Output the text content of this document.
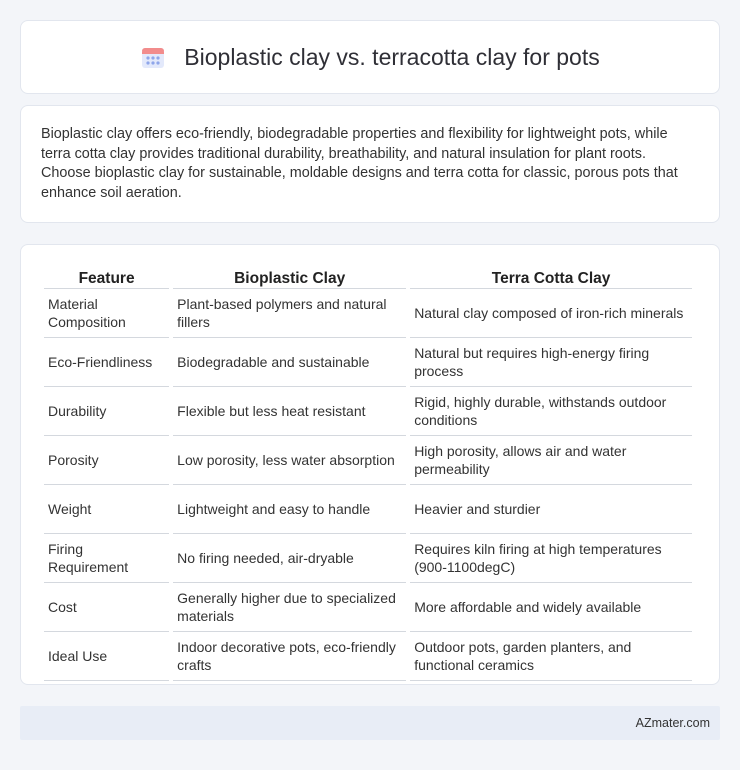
Bioplastic clay vs. terracotta clay for pots

Bioplastic clay offers eco-friendly, biodegradable properties and flexibility for lightweight pots, while terra cotta clay provides traditional durability, breathability, and natural insulation for plant roots. Choose bioplastic clay for sustainable, moldable designs and terra cotta for classic, porous pots that enhance soil aeration.

Feature	Bioplastic Clay	Terra Cotta Clay
Material Composition	Plant-based polymers and natural fillers	Natural clay composed of iron-rich minerals
Eco-Friendliness	Biodegradable and sustainable	Natural but requires high-energy firing process
Durability	Flexible but less heat resistant	Rigid, highly durable, withstands outdoor conditions
Porosity	Low porosity, less water absorption	High porosity, allows air and water permeability
Weight	Lightweight and easy to handle	Heavier and sturdier
Firing Requirement	No firing needed, air-dryable	Requires kiln firing at high temperatures (900-1100degC)
Cost	Generally higher due to specialized materials	More affordable and widely available
Ideal Use	Indoor decorative pots, eco-friendly crafts	Outdoor pots, garden planters, and functional ceramics
AZmater.com
